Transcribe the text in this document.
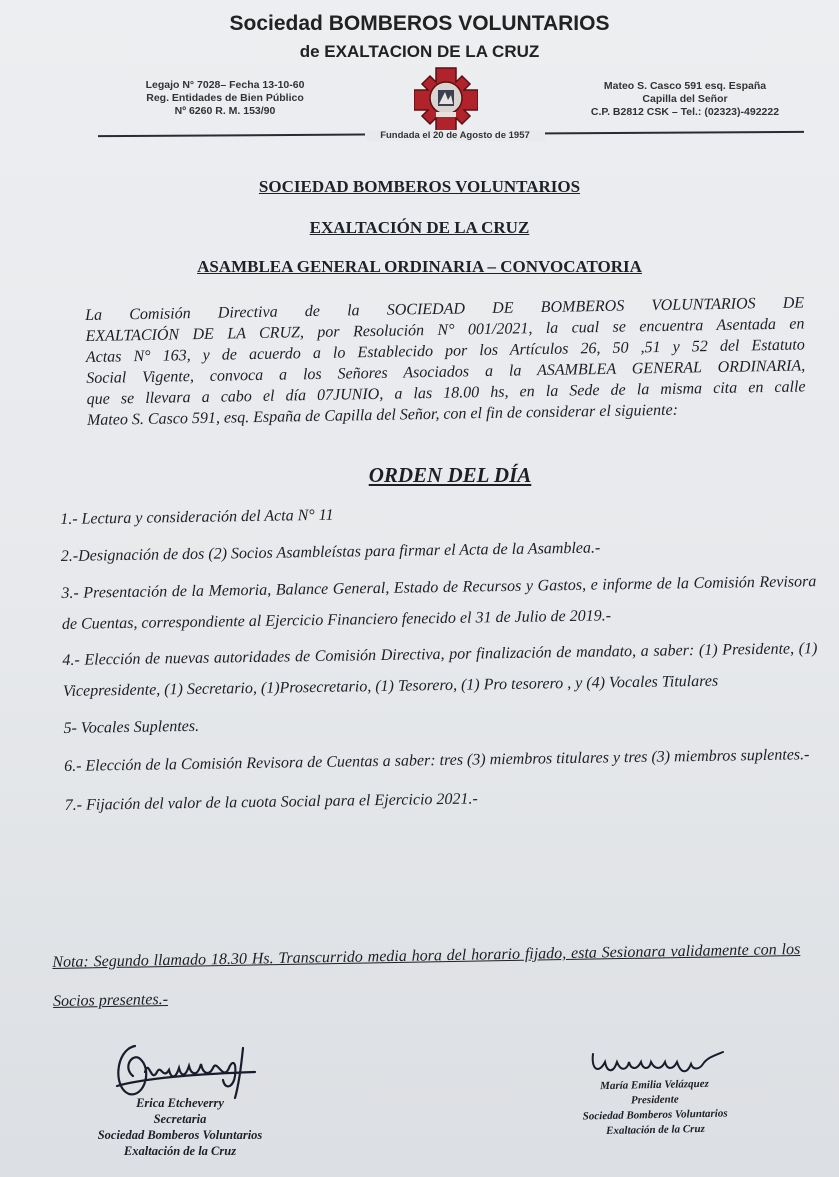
Sociedad BOMBEROS VOLUNTARIOS
de EXALTACION DE LA CRUZ
Legajo N° 7028– Fecha 13-10-60
Reg. Entidades de Bien Público
Nº 6260 R. M. 153/90
Mateo S. Casco 591 esq. España
Capilla del Señor
C.P. B2812 CSK – Tel.: (02323)-492222
Fundada el 20 de Agosto de 1957
SOCIEDAD BOMBEROS VOLUNTARIOS
EXALTACIÓN DE LA CRUZ
ASAMBLEA GENERAL ORDINARIA – CONVOCATORIA
La Comisión Directiva de la SOCIEDAD DE BOMBEROS VOLUNTARIOS DE
EXALTACIÓN DE LA CRUZ, por Resolución N° 001/2021, la cual se encuentra Asentada en
Actas N° 163, y de acuerdo a lo Establecido por los Artículos 26, 50 ,51 y 52 del Estatuto
Social Vigente, convoca a los Señores Asociados a la ASAMBLEA GENERAL ORDINARIA,
que se llevara a cabo el día 07JUNIO, a las 18.00 hs, en la Sede de la misma cita en calle
Mateo S. Casco 591, esq. España de Capilla del Señor, con el fin de considerar el siguiente:
ORDEN DEL DÍA

1.- Lectura y consideración del Acta N° 11

2.-Designación de dos (2) Socios Asambleístas para firmar el Acta de la Asamblea.-

3.- Presentación de la Memoria, Balance General, Estado de Recursos y Gastos, e informe de la Comisión Revisora de Cuentas, correspondiente al Ejercicio Financiero fenecido el 31 de Julio de 2019.-

4.- Elección de nuevas autoridades de Comisión Directiva, por finalización de mandato, a saber: (1) Presidente, (1) Vicepresidente, (1) Secretario, (1)Prosecretario, (1) Tesorero, (1) Pro tesorero , y (4) Vocales Titulares

5- Vocales Suplentes.

6.- Elección de la Comisión Revisora de Cuentas a saber: tres (3) miembros titulares y tres (3) miembros suplentes.-

7.- Fijación del valor de la cuota Social para el Ejercicio 2021.-

Nota: Segundo llamado 18.30 Hs. Transcurrido media hora del horario fijado, esta Sesionara validamente con los Socios presentes.-
Erica Etcheverry
Secretaria
Sociedad Bomberos Voluntarios
Exaltación de la Cruz
María Emilia Velázquez
Presidente
Sociedad Bomberos Voluntarios
Exaltación de la Cruz
